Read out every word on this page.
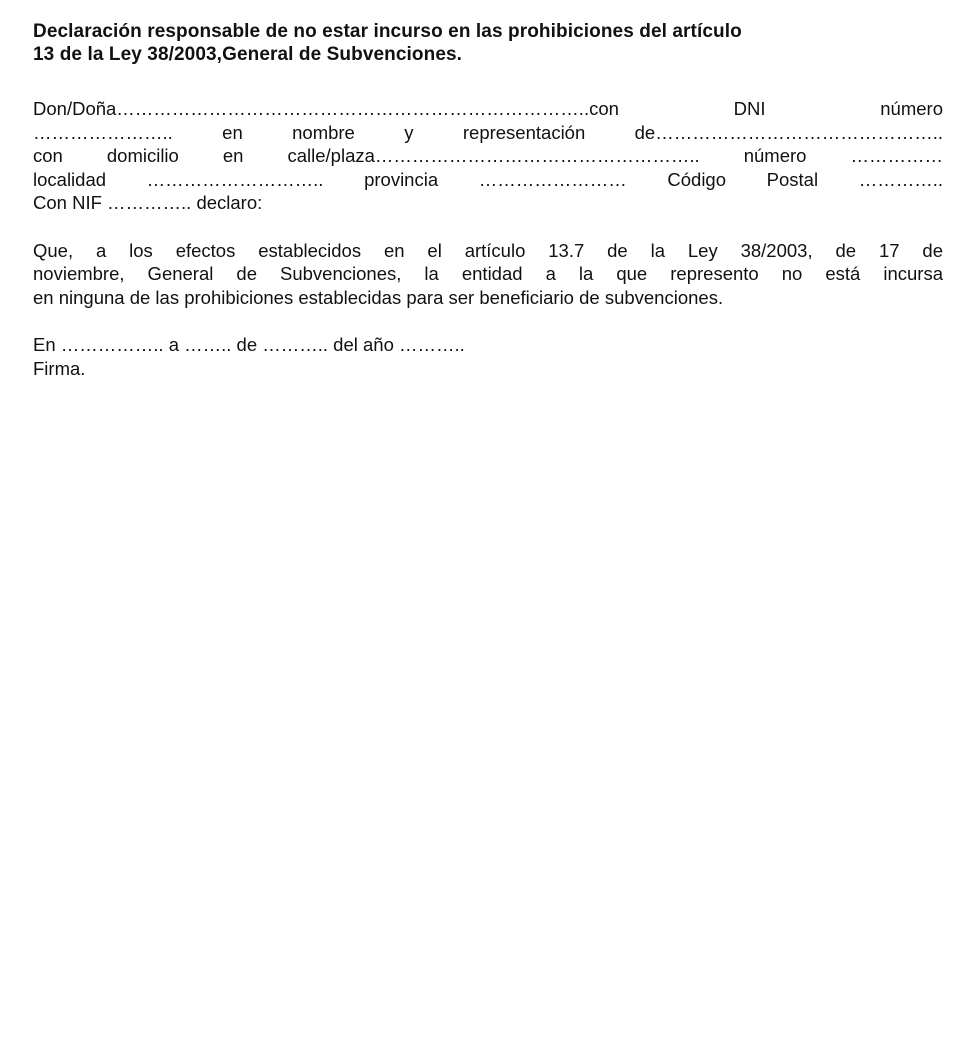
Declaración responsable de no estar incurso en las prohibiciones del artículo
13 de la Ley 38/2003,General de Subvenciones.
Don/Doña…………………………………………………………………..con DNI número
………………….. en nombre y representación de………………………………………..
con domicilio en calle/plaza…………………………………………….. número ……………
localidad ……………………….. provincia …………………… Código Postal …………..
Con NIF ………….. declaro:
Que, a los efectos establecidos en el artículo 13.7 de la Ley 38/2003, de 17 de
noviembre, General de Subvenciones, la entidad a la que represento no está incursa
en ninguna de las prohibiciones establecidas para ser beneficiario de subvenciones.
En …………….. a …….. de ……….. del año ………..
Firma.
